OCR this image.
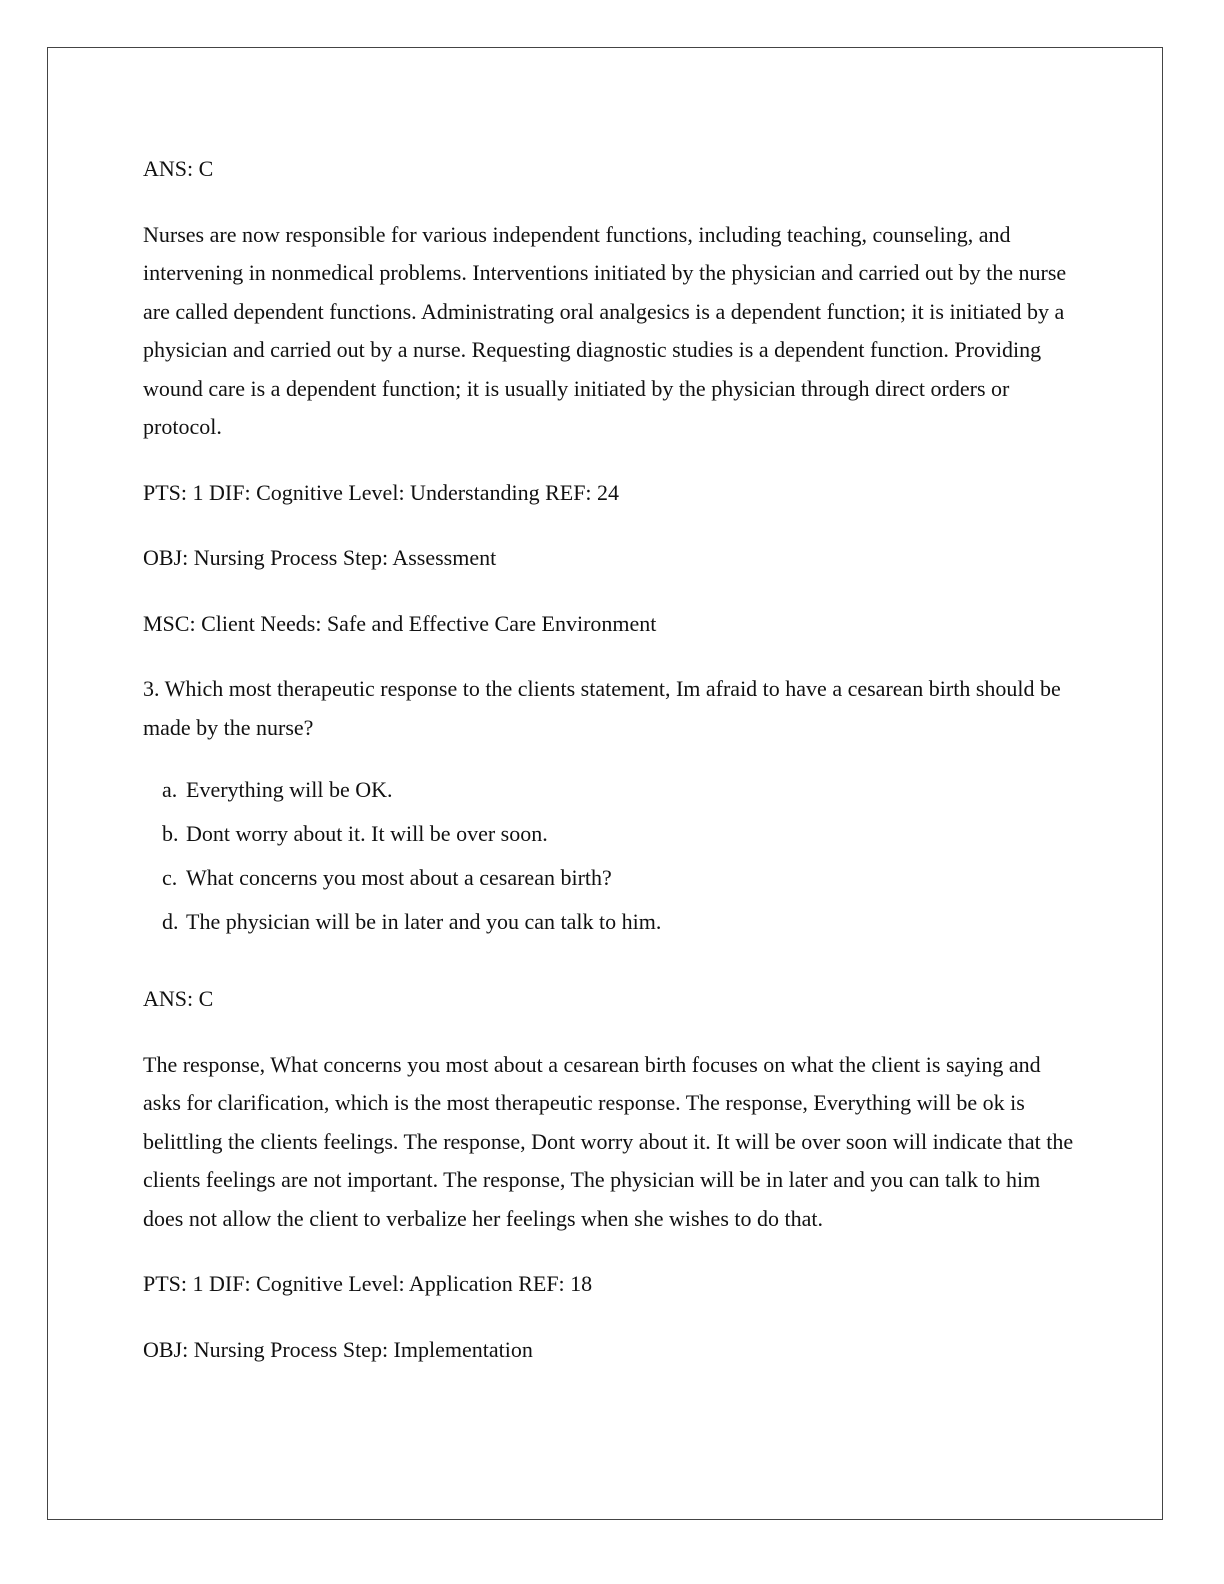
ANS: C

Nurses are now responsible for various independent functions, including teaching, counseling, and intervening in nonmedical problems. Interventions initiated by the physician and carried out by the nurse are called dependent functions. Administrating oral analgesics is a dependent function; it is initiated by a physician and carried out by a nurse. Requesting diagnostic studies is a dependent function. Providing wound care is a dependent function; it is usually initiated by the physician through direct orders or protocol.

PTS: 1 DIF: Cognitive Level: Understanding REF: 24

OBJ: Nursing Process Step: Assessment

MSC: Client Needs: Safe and Effective Care Environment

3. Which most therapeutic response to the clients statement, Im afraid to have a cesarean birth should be made by the nurse?

a. Everything will be OK.
b. Dont worry about it. It will be over soon.
c. What concerns you most about a cesarean birth?
d. The physician will be in later and you can talk to him.

ANS: C

The response, What concerns you most about a cesarean birth focuses on what the client is saying and asks for clarification, which is the most therapeutic response. The response, Everything will be ok is belittling the clients feelings. The response, Dont worry about it. It will be over soon will indicate that the clients feelings are not important. The response, The physician will be in later and you can talk to him does not allow the client to verbalize her feelings when she wishes to do that.

PTS: 1 DIF: Cognitive Level: Application REF: 18

OBJ: Nursing Process Step: Implementation
